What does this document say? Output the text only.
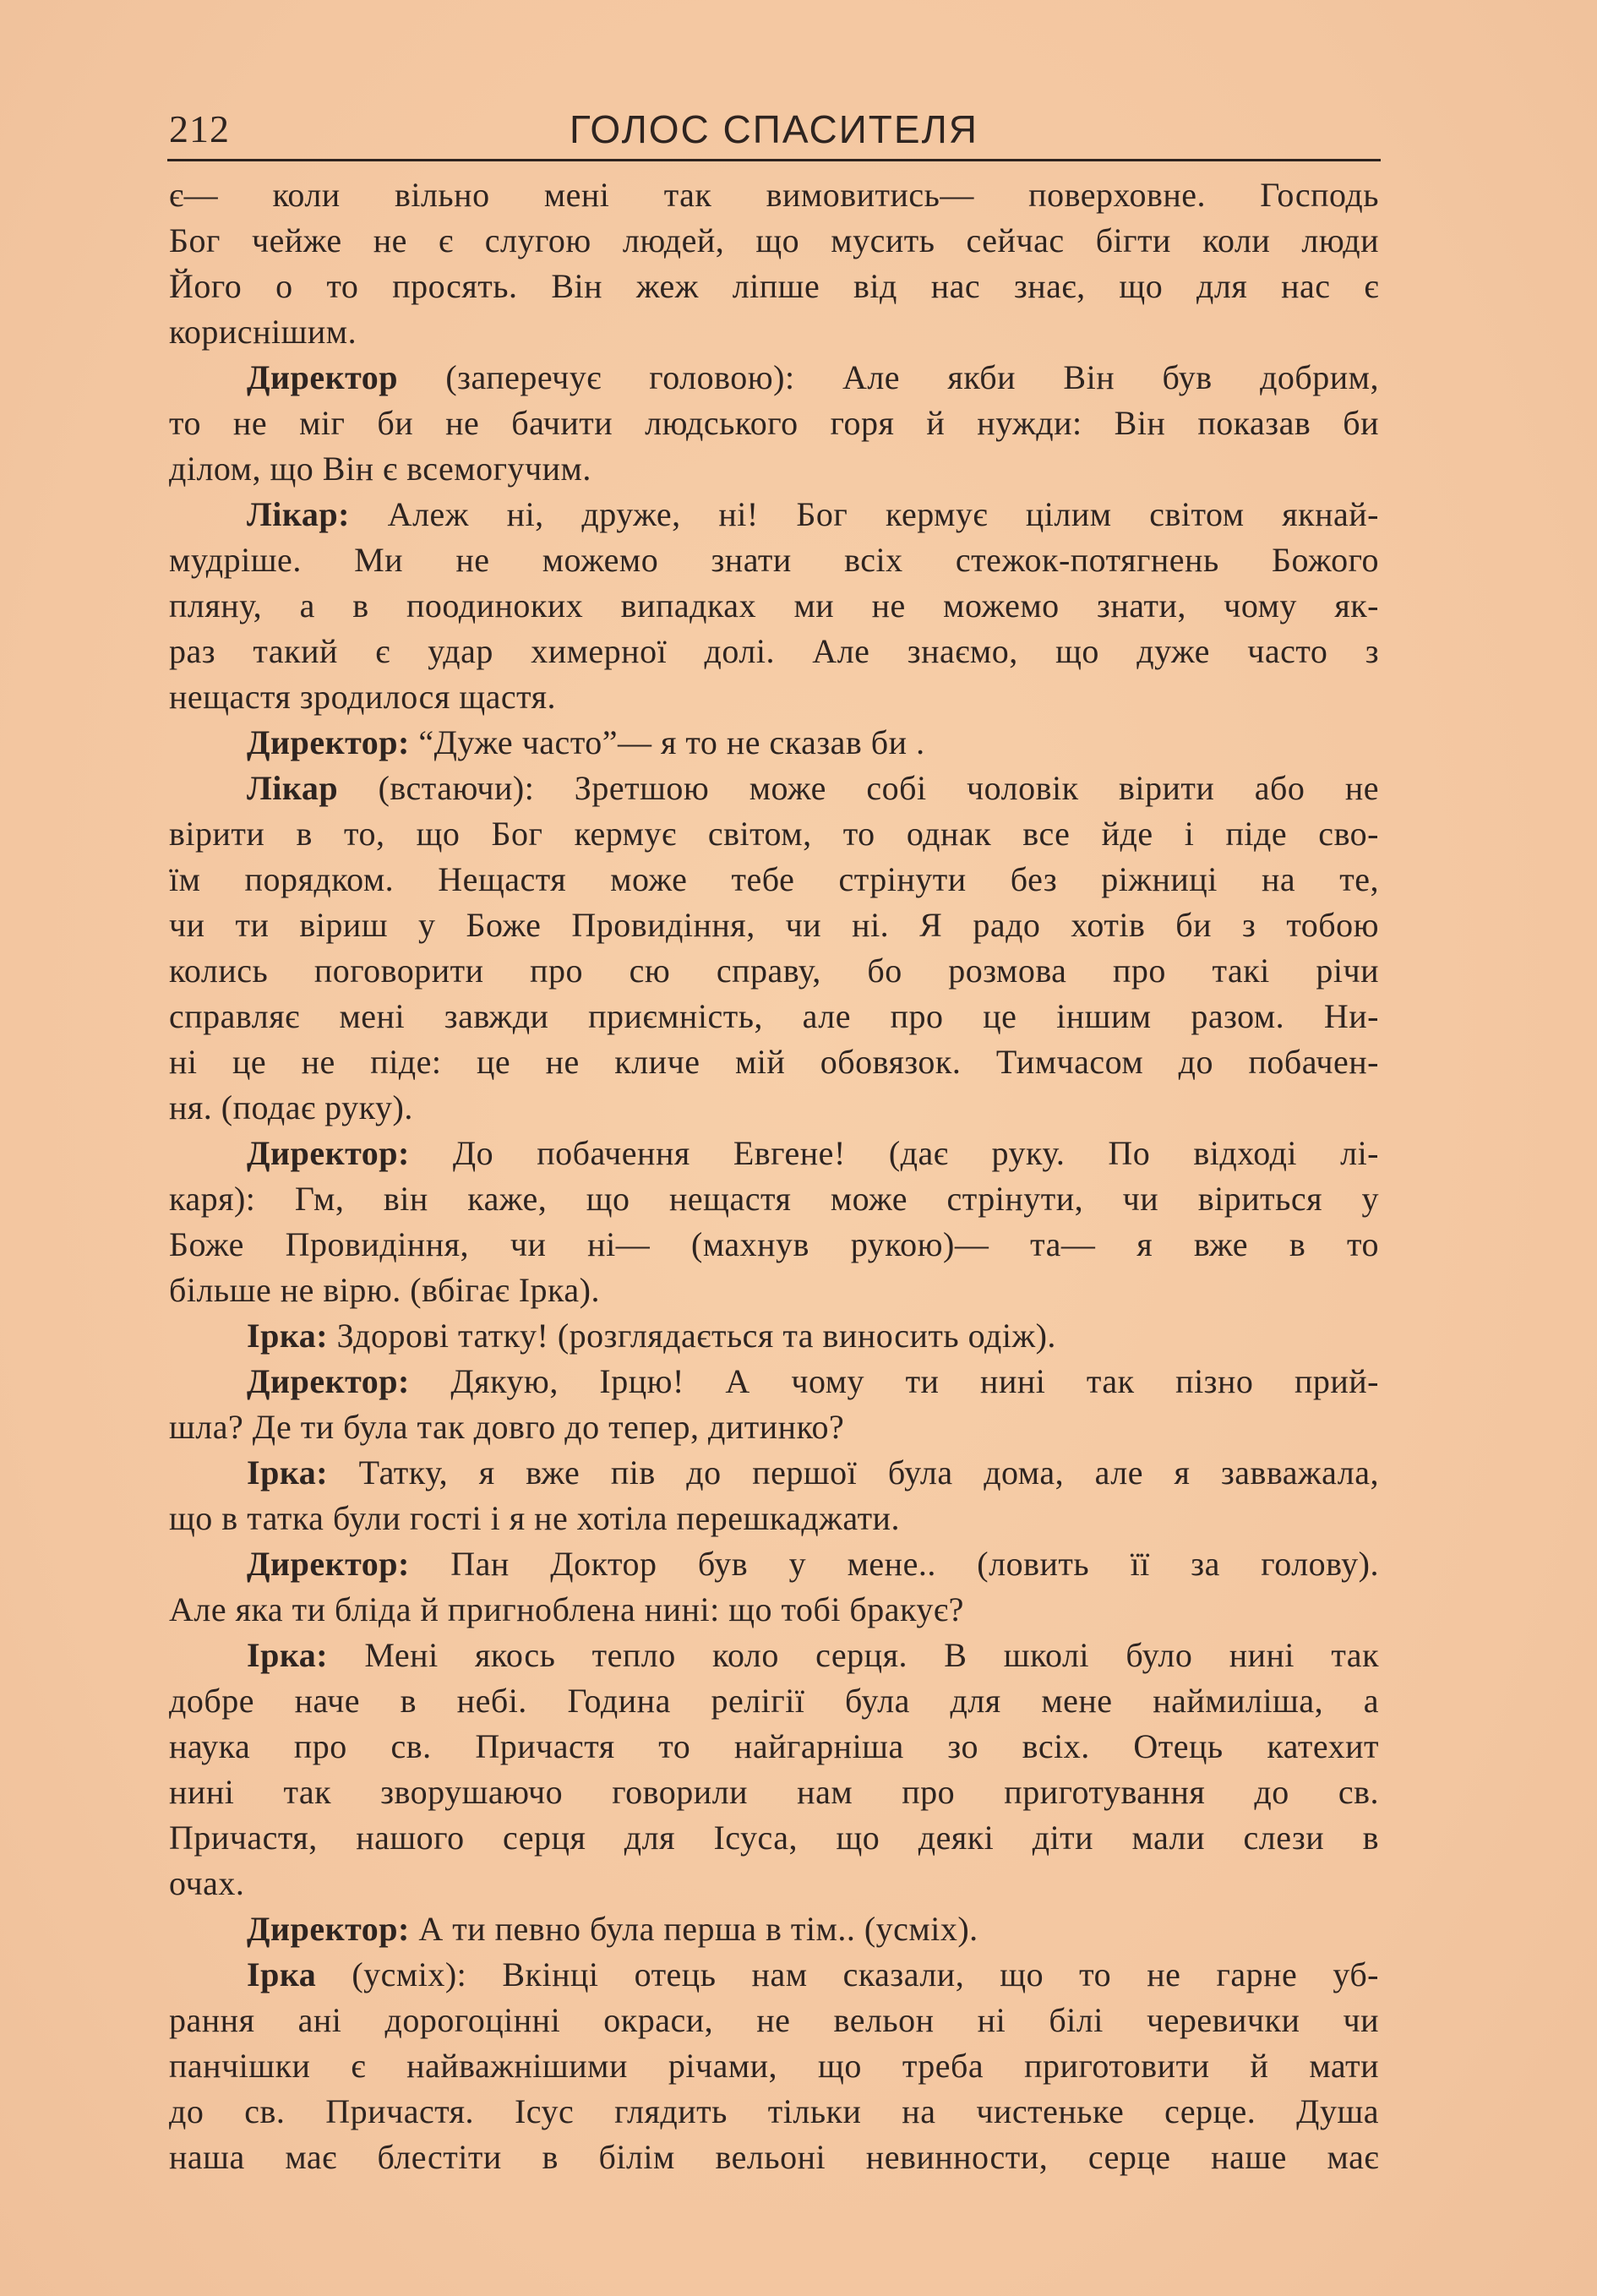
212	ГОЛОС СПАСИТЕЛЯ
є— коли вільно мені так вимовитись— поверховне. Господь
Бог чейже не є слугою людей, що мусить сейчас бігти коли люди
Його о то просять. Він жеж ліпше від нас знає, що для нас є
кориснішим.
Директор (заперечує головою): Але якби Він був добрим,
то не міг би не бачити людського горя й нужди: Він показав би
ділом, що Він є всемогучим.
Лікар: Алеж ні, друже, ні! Бог кермує цілим світом якнай-
мудріше. Ми не можемо знати всіх стежок-потягнень Божого
пляну, а в поодиноких випадках ми не можемо знати, чому як-
раз такий є удар химерної долі. Але знаємо, що дуже часто з
нещастя зродилося щастя.
Директор: “Дуже часто”— я то не сказав би .
Лікар (встаючи): Зретшою може собі чоловік вірити або не
вірити в то, що Бог кермує світом, то однак все йде і піде сво-
їм порядком. Нещастя може тебе стрінути без ріжниці на те,
чи ти віриш у Боже Провидіння, чи ні. Я радо хотів би з тобою
колись поговорити про сю справу, бо розмова про такі річи
справляє мені завжди приємність, але про це іншим разом. Ни-
ні це не піде: це не кличе мій обовязок. Тимчасом до побачен-
ня. (подає руку).
Директор: До побачення Евгене! (дає руку. По відході лі-
каря): Гм, він каже, що нещастя може стрінути, чи віриться у
Боже Провидіння, чи ні— (махнув рукою)— та— я вже в то
більше не вірю. (вбігає Ірка).
Ірка: Здорові татку! (розглядається та виносить одіж).
Директор: Дякую, Ірцю! А чому ти нині так пізно прий-
шла? Де ти була так довго до тепер, дитинко?
Ірка: Татку, я вже пів до першої була дома, але я завважала,
що в татка були гості і я не хотіла перешкаджати.
Директор: Пан Доктор був у мене.. (ловить її за голову).
Але яка ти бліда й пригноблена нині: що тобі бракує?
Ірка: Мені якось тепло коло серця. В школі було нині так
добре наче в небі. Година релігії була для мене наймиліша, а
наука про св. Причастя то найгарніша зо всіх. Отець катехит
нині так зворушаючо говорили нам про приготування до св.
Причастя, нашого серця для Ісуса, що деякі діти мали слези в
очах.
Директор: А ти певно була перша в тім.. (усміх).
Ірка (усміх): Вкінці отець нам сказали, що то не гарне уб-
рання ані дорогоцінні окраси, не вельон ні білі черевички чи
панчішки є найважнішими річами, що треба приготовити й мати
до св. Причастя. Ісус глядить тільки на чистеньке серце. Душа
наша має блестіти в білім вельоні невинности, серце наше має
